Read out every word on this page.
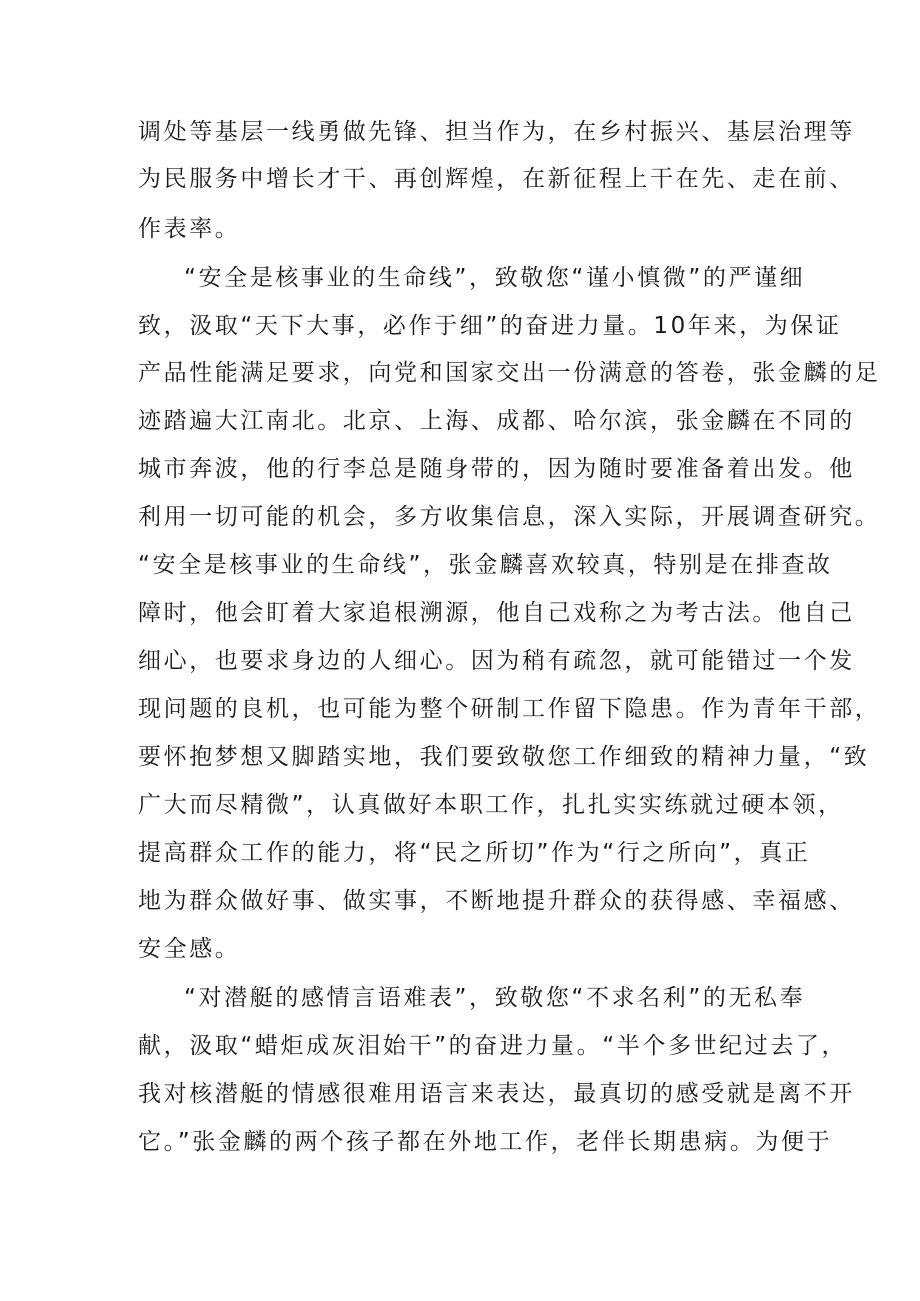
调处等基层一线勇做先锋、担当作为，在乡村振兴、基层治理等
为民服务中增长才干、再创辉煌，在新征程上干在先、走在前、
作表率。
“安全是核事业的生命线”，致敬您“谨小慎微”的严谨细
致，汲取“天下大事，必作于细”的奋进力量。10年来，为保证
产品性能满足要求，向党和国家交出一份满意的答卷，张金麟的足
迹踏遍大江南北。北京、上海、成都、哈尔滨，张金麟在不同的
城市奔波，他的行李总是随身带的，因为随时要准备着出发。他
利用一切可能的机会，多方收集信息，深入实际，开展调查研究。
“安全是核事业的生命线”，张金麟喜欢较真，特别是在排查故
障时，他会盯着大家追根溯源，他自己戏称之为考古法。他自己
细心，也要求身边的人细心。因为稍有疏忽，就可能错过一个发
现问题的良机，也可能为整个研制工作留下隐患。作为青年干部，
要怀抱梦想又脚踏实地，我们要致敬您工作细致的精神力量，“致
广大而尽精微”，认真做好本职工作，扎扎实实练就过硬本领，
提高群众工作的能力，将“民之所切”作为“行之所向”，真正
地为群众做好事、做实事，不断地提升群众的获得感、幸福感、
安全感。
“对潜艇的感情言语难表”，致敬您“不求名利”的无私奉
献，汲取“蜡炬成灰泪始干”的奋进力量。“半个多世纪过去了，
我对核潜艇的情感很难用语言来表达，最真切的感受就是离不开
它。”张金麟的两个孩子都在外地工作，老伴长期患病。为便于
